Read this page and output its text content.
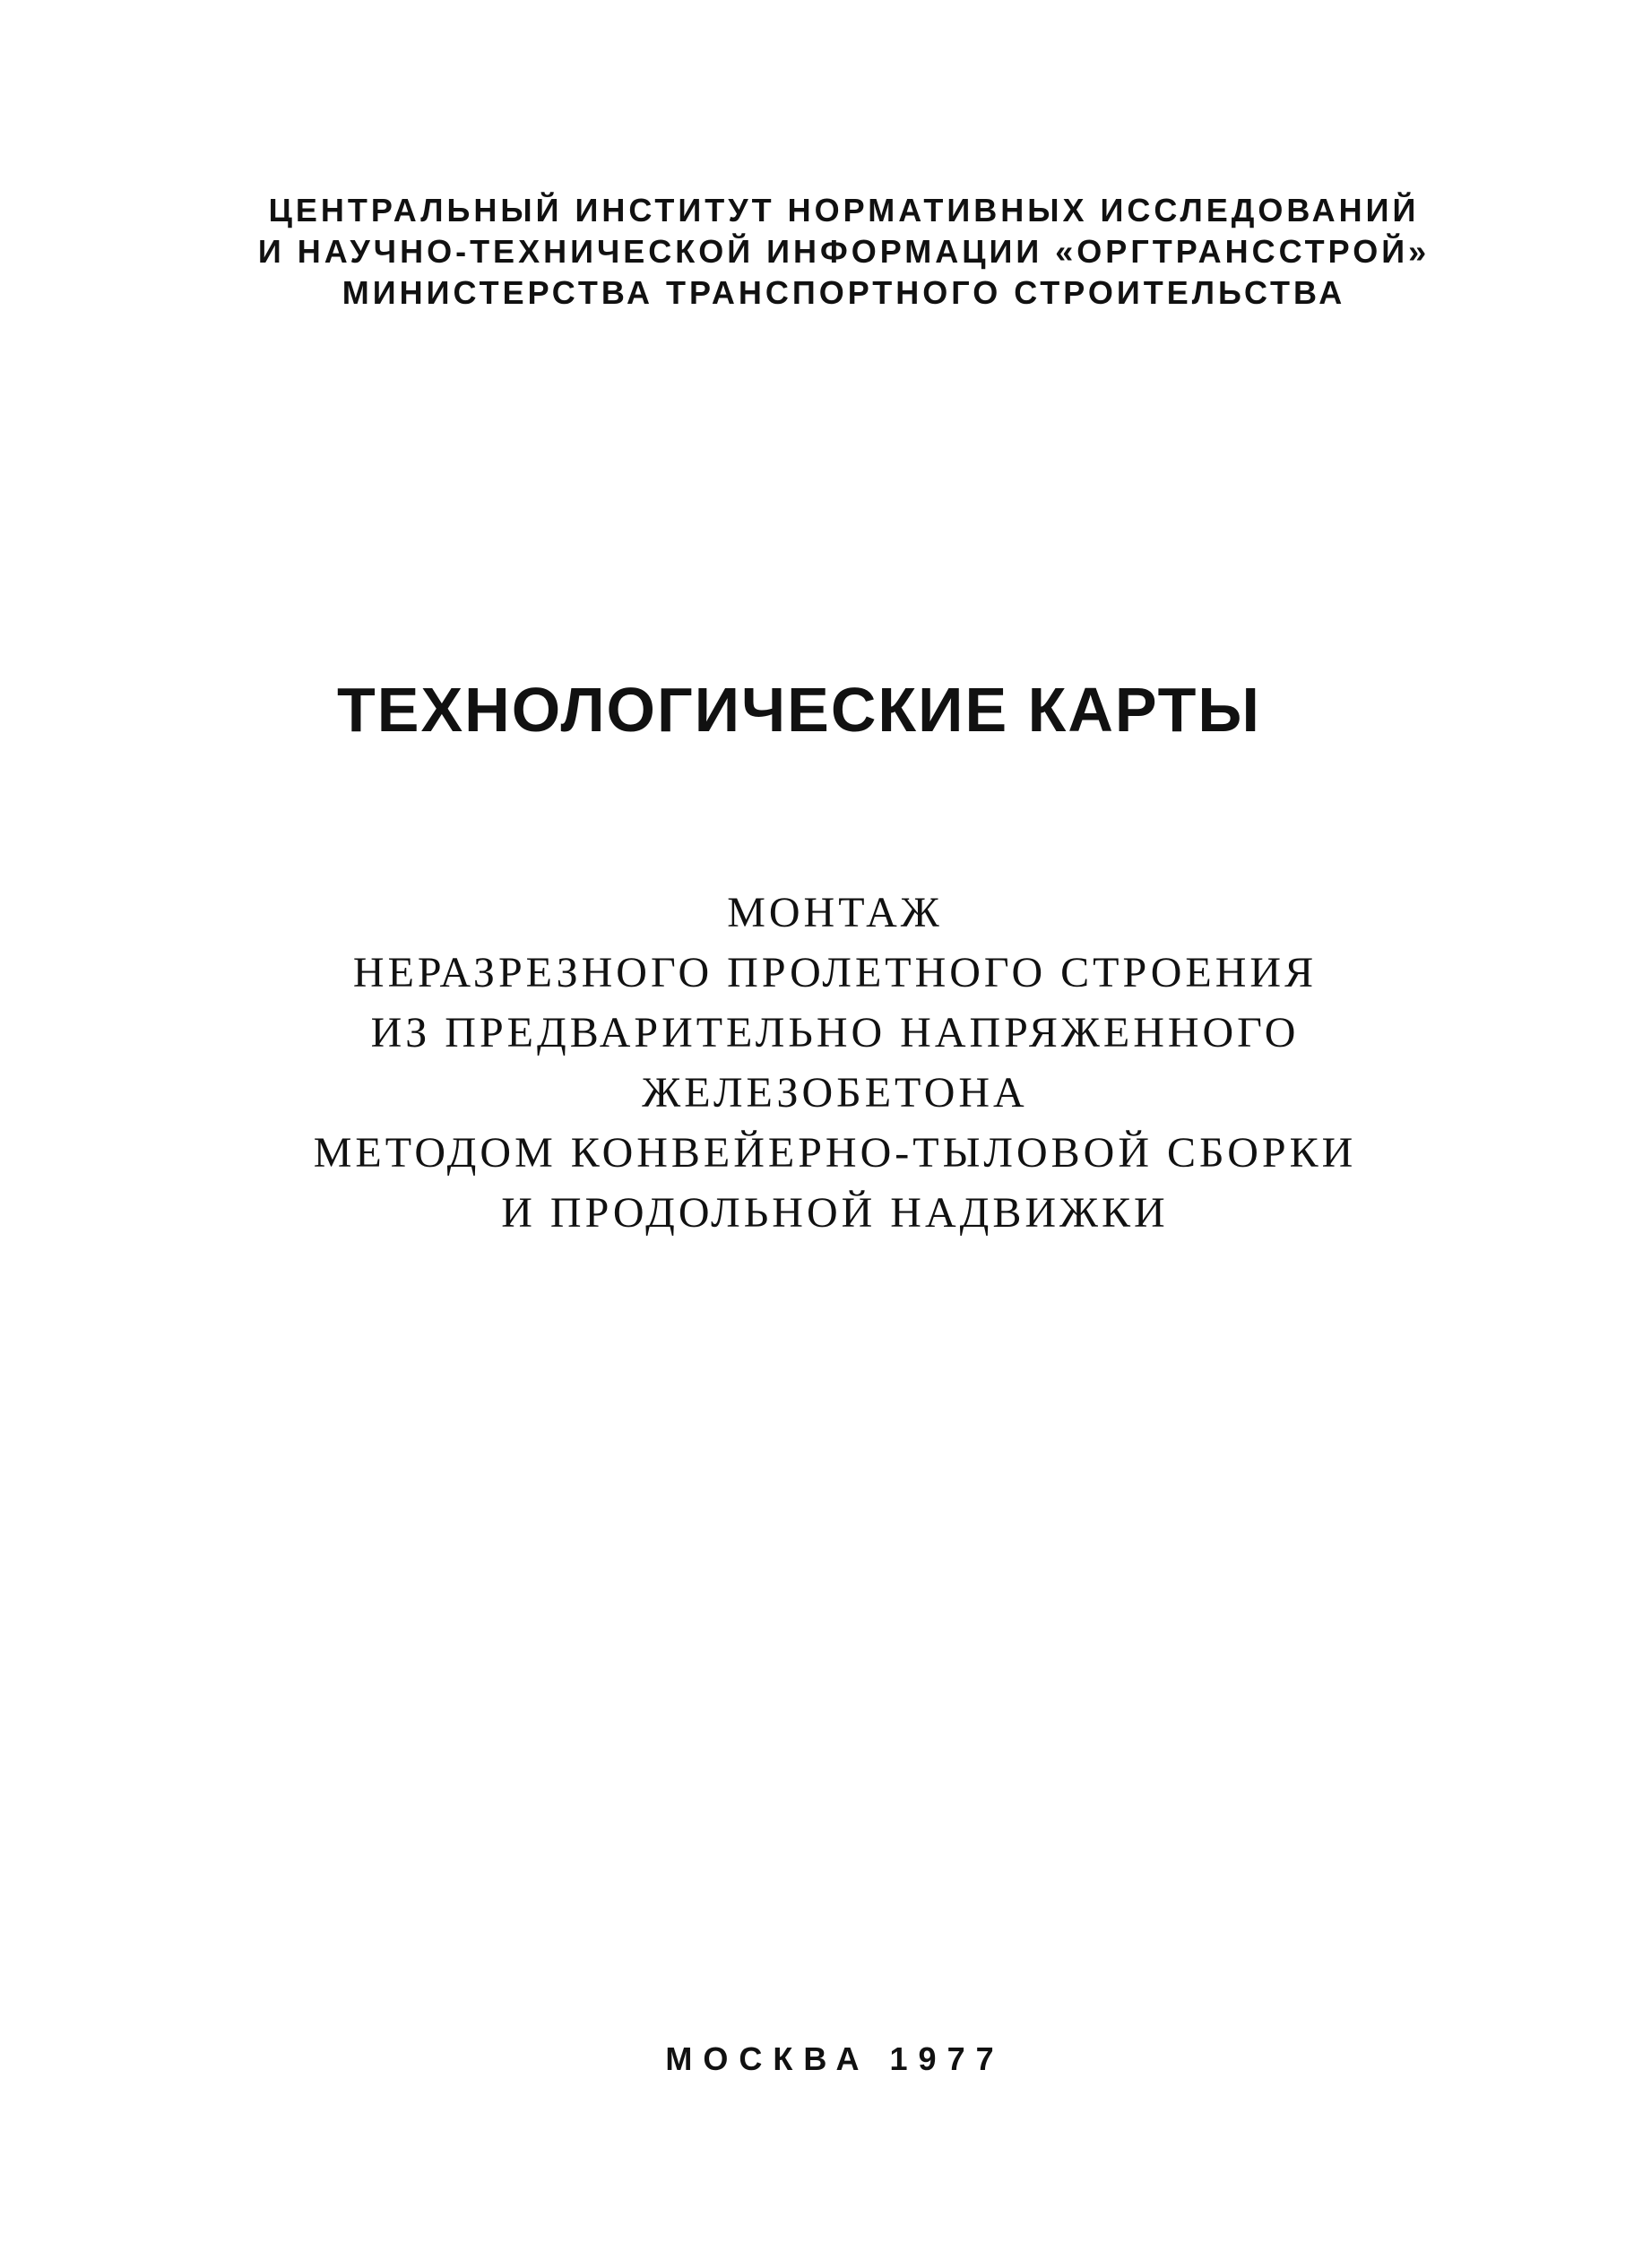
ЦЕНТРАЛЬНЫЙ ИНСТИТУТ НОРМАТИВНЫХ ИССЛЕДОВАНИЙ
И НАУЧНО-ТЕХНИЧЕСКОЙ ИНФОРМАЦИИ «ОРГТРАНССТРОЙ»
МИНИСТЕРСТВА ТРАНСПОРТНОГО СТРОИТЕЛЬСТВА
ТЕХНОЛОГИЧЕСКИЕ КАРТЫ
МОНТАЖ
НЕРАЗРЕЗНОГО ПРОЛЕТНОГО СТРОЕНИЯ
ИЗ ПРЕДВАРИТЕЛЬНО НАПРЯЖЕННОГО
ЖЕЛЕЗОБЕТОНА
МЕТОДОМ КОНВЕЙЕРНО-ТЫЛОВОЙ СБОРКИ
И ПРОДОЛЬНОЙ НАДВИЖКИ
МОСКВА 1977
